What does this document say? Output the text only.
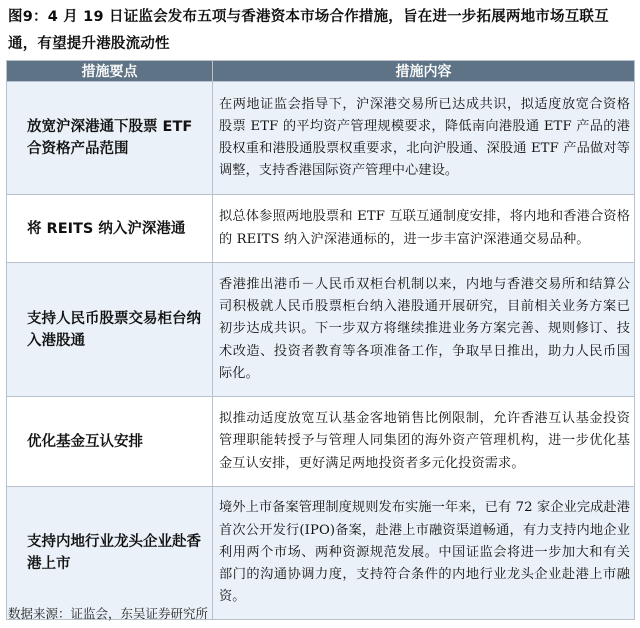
图9：4 月 19 日证监会发布五项与香港资本市场合作措施，旨在进一步拓展两地市场互联互通，有望提升港股流动性
措施要点	措施内容
放宽沪深港通下股票 ETF 合资格产品范围	在两地证监会指导下，沪深港交易所已达成共识，拟适度放宽合资格股票 ETF 的平均资产管理规模要求，降低南向港股通 ETF 产品的港股权重和港股通股票权重要求，北向沪股通、深股通 ETF 产品做对等调整，支持香港国际资产管理中心建设。
将 REITS 纳入沪深港通	拟总体参照两地股票和 ETF 互联互通制度安排，将内地和香港合资格的 REITS 纳入沪深港通标的，进一步丰富沪深港通交易品种。
支持人民币股票交易柜台纳入港股通	香港推出港币－人民币双柜台机制以来，内地与香港交易所和结算公司积极就人民币股票柜台纳入港股通开展研究，目前相关业务方案已初步达成共识。下一步双方将继续推进业务方案完善、规则修订、技术改造、投资者教育等各项准备工作，争取早日推出，助力人民币国际化。
优化基金互认安排	拟推动适度放宽互认基金客地销售比例限制，允许香港互认基金投资管理职能转授予与管理人同集团的海外资产管理机构，进一步优化基金互认安排，更好满足两地投资者多元化投资需求。
支持内地行业龙头企业赴香港上市	境外上市备案管理制度规则发布实施一年来，已有 72 家企业完成赴港首次公开发行(IPO)备案，赴港上市融资渠道畅通，有力支持内地企业利用两个市场、两种资源规范发展。中国证监会将进一步加大和有关部门的沟通协调力度，支持符合条件的内地行业龙头企业赴港上市融资。
数据来源：证监会，东吴证券研究所
